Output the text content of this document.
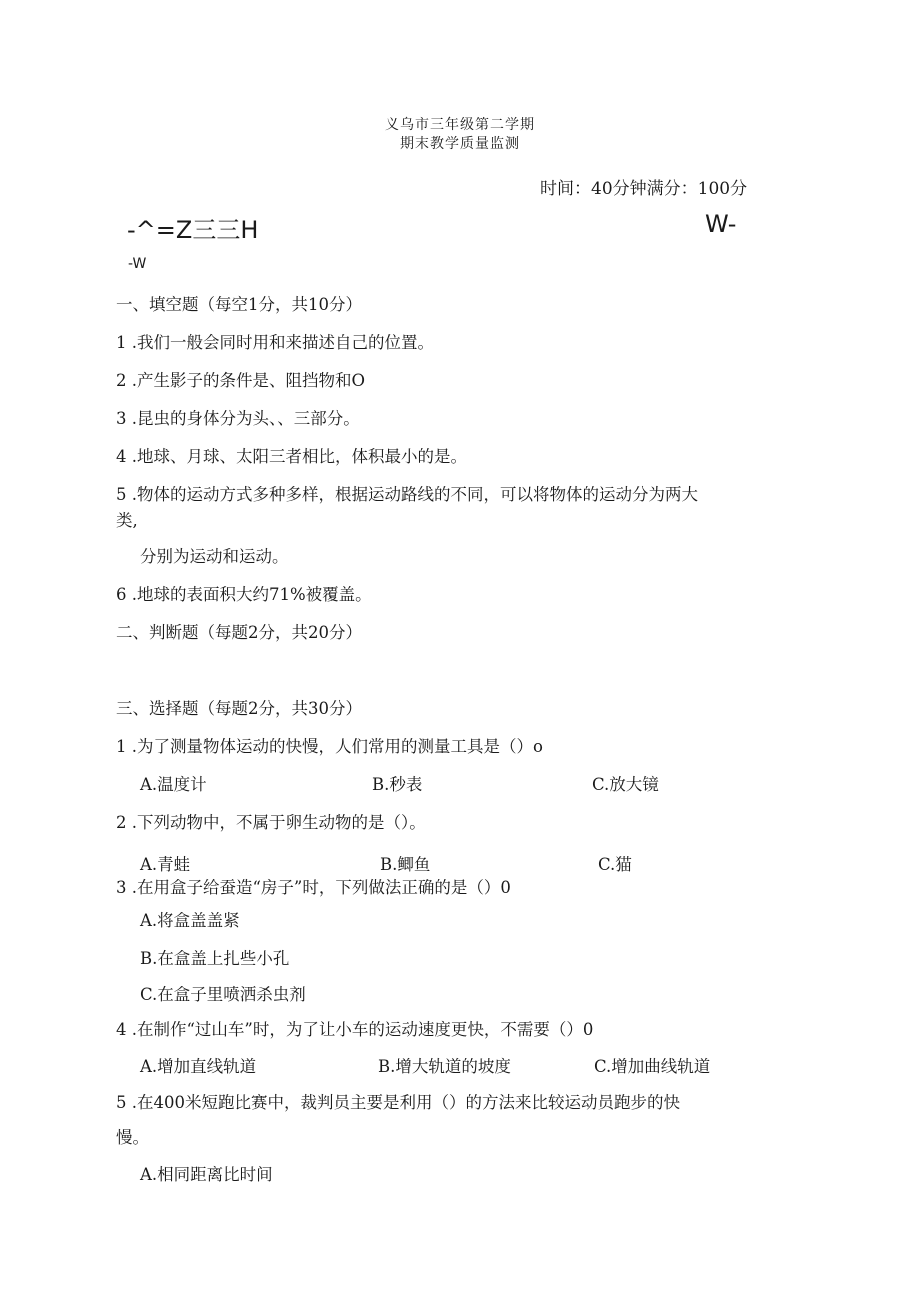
义乌市三年级第二学期
期末教学质量监测
时间：40分钟满分：100分
-^=Z三三H	W-
-W
一、填空题（每空1分，共10分）
1 .我们一般会同时用和来描述自己的位置。
2 .产生影子的条件是、阻挡物和O
3 .昆虫的身体分为头、、三部分。
4 .地球、月球、太阳三者相比，体积最小的是。
5 .物体的运动方式多种多样，根据运动路线的不同，可以将物体的运动分为两大
类,
分别为运动和运动。
6 .地球的表面积大约71%被覆盖。
二、判断题（每题2分，共20分）
三、选择题（每题2分，共30分）
1 .为了测量物体运动的快慢，人们常用的测量工具是（）o
A.温度计	B.秒表	C.放大镜
2 .下列动物中，不属于卵生动物的是（）。
A.青蛙	B.鲫鱼	C.猫
3 .在用盒子给蚕造“房子”时，下列做法正确的是（）0
A.将盒盖盖紧
B.在盒盖上扎些小孔
C.在盒子里喷洒杀虫剂
4 .在制作“过山车”时，为了让小车的运动速度更快，不需要（）0
A.增加直线轨道	B.增大轨道的坡度	C.增加曲线轨道
5 .在400米短跑比赛中，裁判员主要是利用（）的方法来比较运动员跑步的快
慢。
A.相同距离比时间
